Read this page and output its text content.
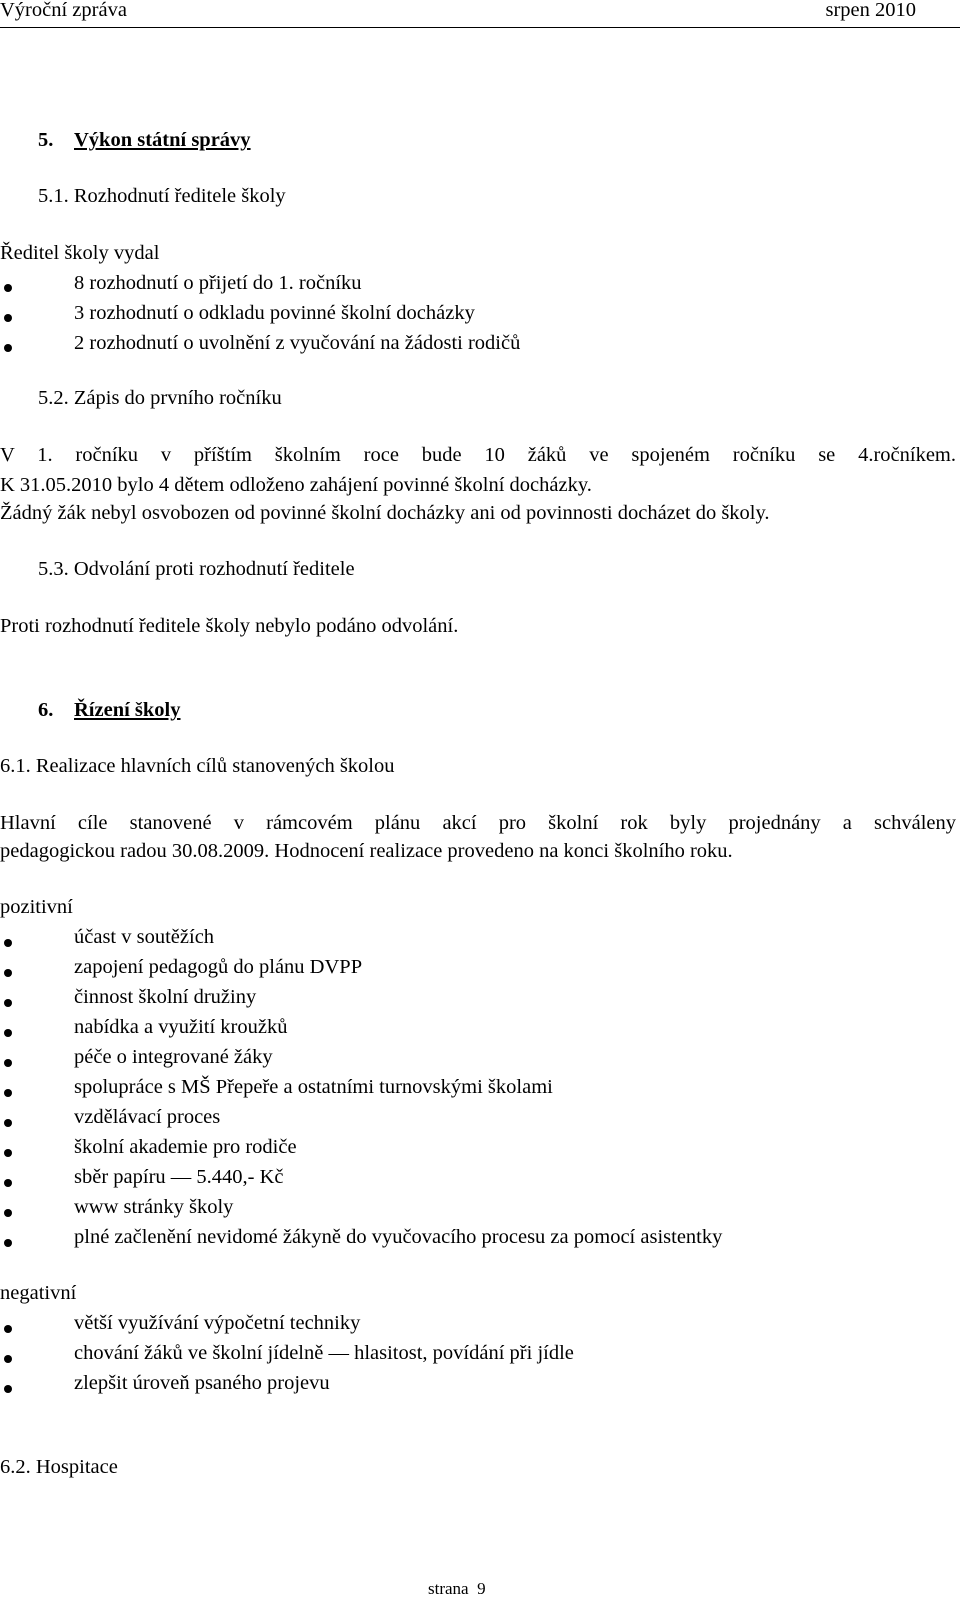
Výroční zpráva	srpen 2010
5. Výkon státní správy
5.1. Rozhodnutí ředitele školy
Ředitel školy vydal
8 rozhodnutí o přijetí do 1. ročníku
3 rozhodnutí o odkladu povinné školní docházky
2 rozhodnutí o uvolnění z vyučování na žádosti rodičů
5.2. Zápis do prvního ročníku
V 1. ročníku v příštím školním roce bude 10 žáků ve spojeném ročníku se 4.ročníkem.
K 31.05.2010 bylo 4 dětem odloženo zahájení povinné školní docházky.
Žádný žák nebyl osvobozen od povinné školní docházky ani od povinnosti docházet do školy.
5.3. Odvolání proti rozhodnutí ředitele
Proti rozhodnutí ředitele školy nebylo podáno odvolání.
6. Řízení školy
6.1. Realizace hlavních cílů stanovených školou
Hlavní cíle stanovené v rámcovém plánu akcí pro školní rok byly projednány a schváleny
pedagogickou radou 30.08.2009. Hodnocení realizace provedeno na konci školního roku.
pozitivní
účast v soutěžích
zapojení pedagogů do plánu DVPP
činnost školní družiny
nabídka a využití kroužků
péče o integrované žáky
spolupráce s MŠ Přepeře a ostatními turnovskými školami
vzdělávací proces
školní akademie pro rodiče
sběr papíru — 5.440,- Kč
www stránky školy
plné začlenění nevidomé žákyně do vyučovacího procesu za pomocí asistentky
negativní
větší využívání výpočetní techniky
chování žáků ve školní jídelně — hlasitost, povídání při jídle
zlepšit úroveň psaného projevu
6.2. Hospitace
strana  9
